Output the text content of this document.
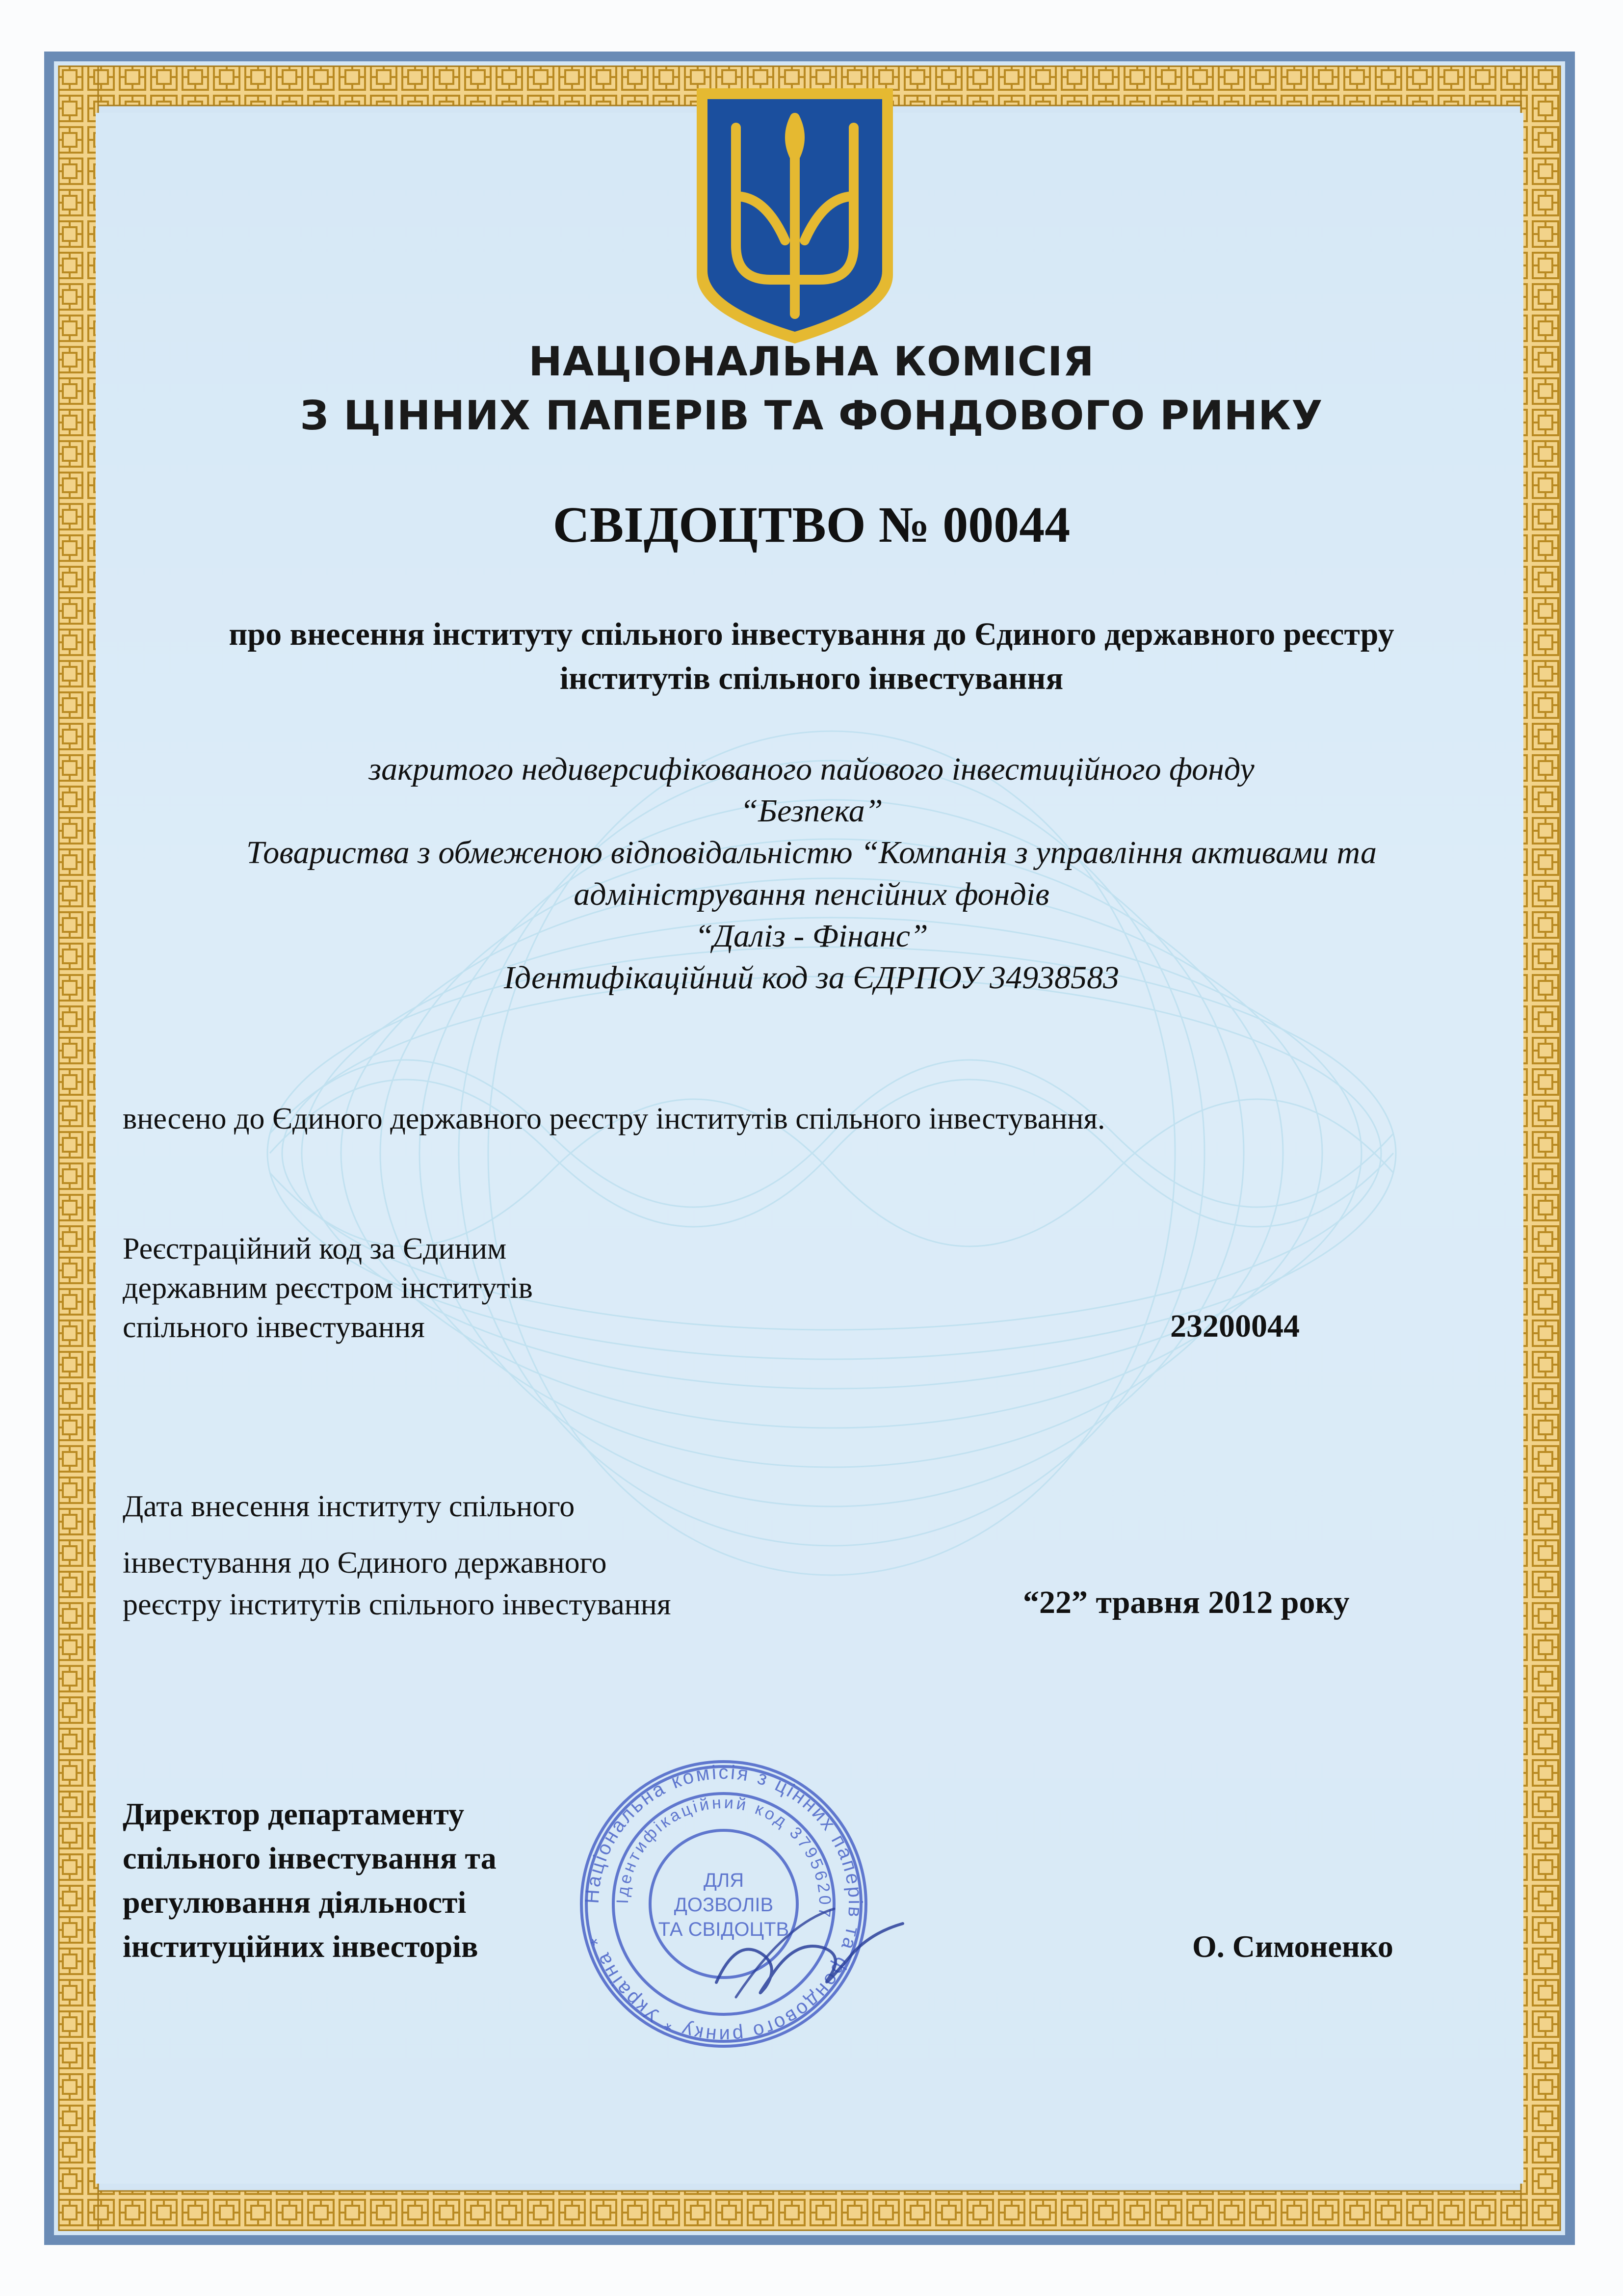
НАЦІОНАЛЬНА КОМІСІЯ

З ЦІННИХ ПАПЕРІВ ТА ФОНДОВОГО РИНКУ

СВІДОЦТВО № 00044

про внесення інституту спільного інвестування до Єдиного державного реєстру

інститутів спільного інвестування

закритого недиверсифікованого пайового інвестиційного фонду

“Безпека”

Товариства з обмеженою відповідальністю “Компанія з управління активами та

адміністрування пенсійних фондів

“Даліз - Фінанс”

Ідентифікаційний код за ЄДРПОУ 34938583

внесено до Єдиного державного реєстру інститутів спільного інвестування.

Реєстраційний код за Єдиним

державним реєстром інститутів

спільного інвестування	23200044

Дата внесення інституту спільного

інвестування до Єдиного державного

реєстру інститутів спільного інвестування	“22” травня 2012 року

Директор департаменту

спільного інвестування та

регулювання діяльності

інституційних інвесторів	О. Симоненко

Національна комісія з цінних паперів та фондового ринку * Україна *
Ідентифікаційний код 37956207
ДЛЯ
ДОЗВОЛІВ
ТА СВІДОЦТВ
